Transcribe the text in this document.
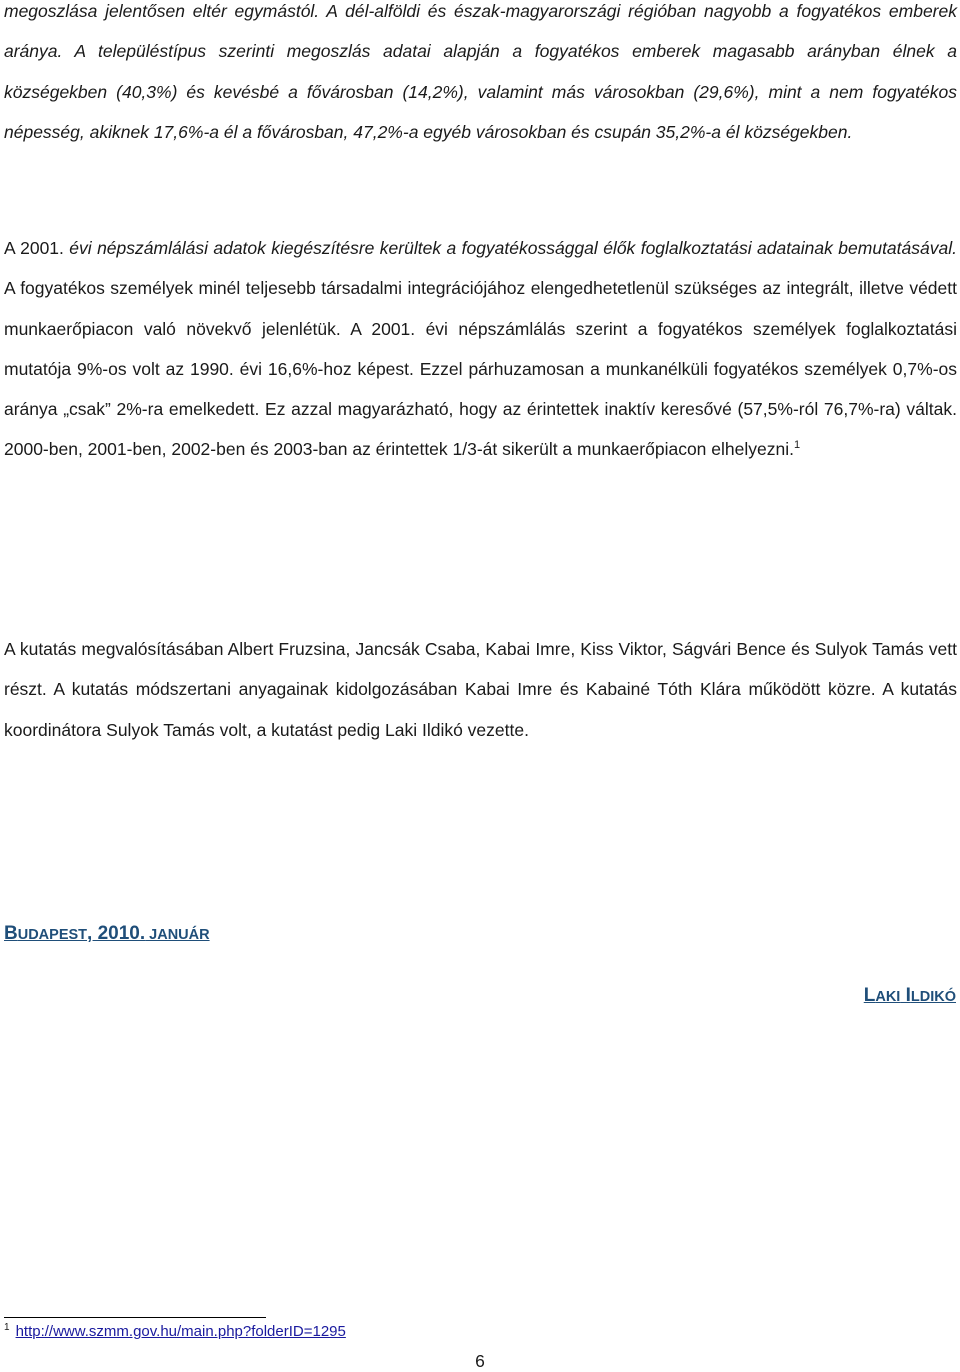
megoszlása jelentősen eltér egymástól. A dél-alföldi és észak-magyarországi régióban nagyobb a fogyatékos emberek aránya. A településtípus szerinti megoszlás adatai alapján a fogyatékos emberek magasabb arányban élnek a községekben (40,3%) és kevésbé a fővárosban (14,2%), valamint más városokban (29,6%), mint a nem fogyatékos népesség, akiknek 17,6%-a él a fővárosban, 47,2%-a egyéb városokban és csupán 35,2%-a él községekben.

A 2001. évi népszámlálási adatok kiegészítésre kerültek a fogyatékossággal élők foglalkoztatási adatainak bemutatásával. A fogyatékos személyek minél teljesebb társadalmi integrációjához elengedhetetlenül szükséges az integrált, illetve védett munkaerőpiacon való növekvő jelenlétük. A 2001. évi népszámlálás szerint a fogyatékos személyek foglalkoztatási mutatója 9%-os volt az 1990. évi 16,6%-hoz képest. Ezzel párhuzamosan a munkanélküli fogyatékos személyek 0,7%-os aránya „csak” 2%-ra emelkedett. Ez azzal magyarázható, hogy az érintettek inaktív keresővé (57,5%-ról 76,7%-ra) váltak. 2000-ben, 2001-ben, 2002-ben és 2003-ban az érintettek 1/3-át sikerült a munkaerőpiacon elhelyezni.$^1$

A kutatás megvalósításában Albert Fruzsina, Jancsák Csaba, Kabai Imre, Kiss Viktor, Ságvári Bence és Sulyok Tamás vett részt. A kutatás módszertani anyagainak kidolgozásában Kabai Imre és Kabainé Tóth Klára működött közre. A kutatás koordinátora Sulyok Tamás volt, a kutatást pedig Laki Ildikó vezette.

BUDAPEST, 2010. JANUÁR

LAKI ILDIKÓ

$^1$ http://www.szmm.gov.hu/main.php?folderID=1295

6
